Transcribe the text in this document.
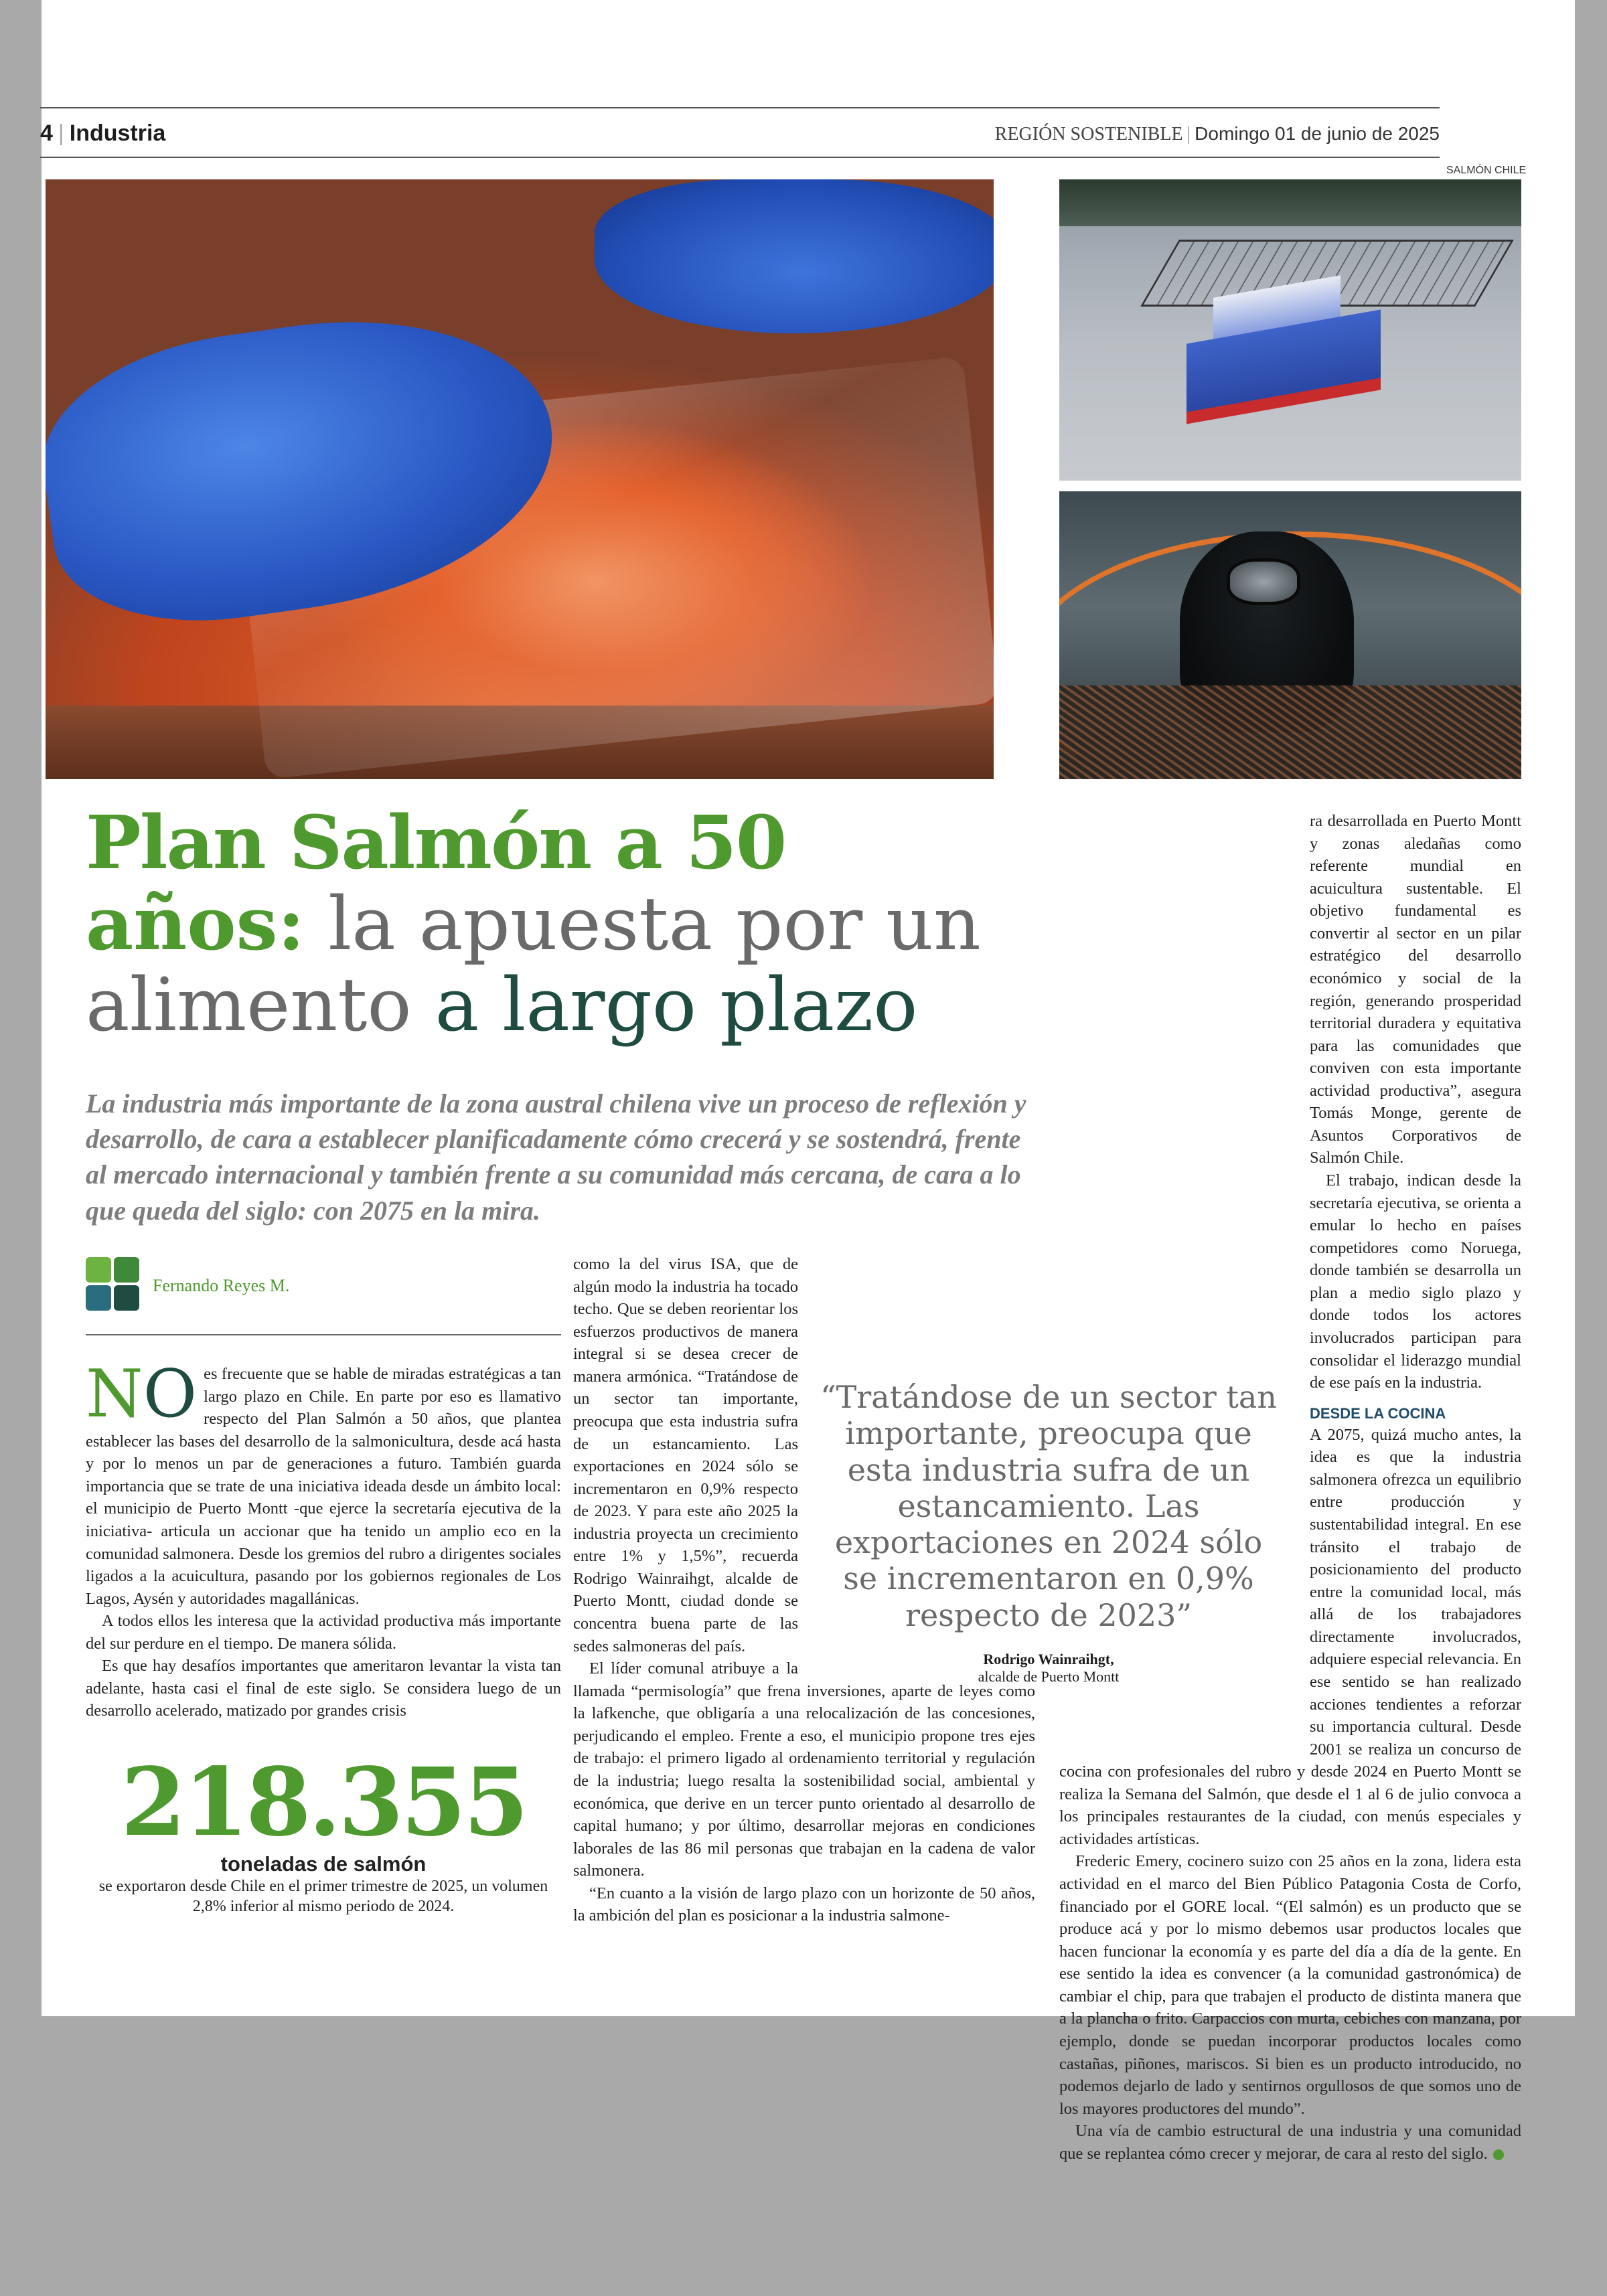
4 | Industria	REGIÓN SOSTENIBLE | Domingo 01 de junio de 2025
SALMÓN CHILE
Plan Salmón a 50
años: la apuesta por un
alimento a largo plazo
La industria más importante de la zona austral chilena vive un proceso de reflexión y desarrollo, de cara a establecer planificadamente cómo crecerá y se sostendrá, frente al mercado internacional y también frente a su comunidad más cercana, de cara a lo que queda del siglo: con 2075 en la mira.
Fernando Reyes M.
NO es frecuente que se hable de miradas estratégicas a tan largo plazo en Chile. En parte por eso es llamativo respecto del Plan Salmón a 50 años, que plantea establecer las bases del desarrollo de la salmonicultura, desde acá hasta y por lo menos un par de generaciones a futuro. También guarda importancia que se trate de una iniciativa ideada desde un ámbito local: el municipio de Puerto Montt -que ejerce la secretaría ejecutiva de la iniciativa- articula un accionar que ha tenido un amplio eco en la comunidad salmonera. Desde los gremios del rubro a dirigentes sociales ligados a la acuicultura, pasando por los gobiernos regionales de Los Lagos, Aysén y autoridades magallánicas.

A todos ellos les interesa que la actividad productiva más importante del sur perdure en el tiempo. De manera sólida.

Es que hay desafíos importantes que ameritaron levantar la vista tan adelante, hasta casi el final de este siglo. Se considera luego de un desarrollo acelerado, matizado por grandes crisis

218.355
toneladas de salmón
se exportaron desde Chile en el primer trimestre de 2025, un volumen 2,8% inferior al mismo periodo de 2024.

como la del virus ISA, que de algún modo la industria ha tocado techo. Que se deben reorientar los esfuerzos productivos de manera integral si se desea crecer de manera armónica. “Tratándose de un sector tan importante, preocupa que esta industria sufra de un estancamiento. Las exportaciones en 2024 sólo se incrementaron en 0,9% respecto de 2023. Y para este año 2025 la industria proyecta un crecimiento entre 1% y 1,5%”, recuerda Rodrigo Wainraihgt, alcalde de Puerto Montt, ciudad donde se concentra buena parte de las sedes salmoneras del país.

El líder comunal atribuye a la llamada “permisología” que frena inversiones, aparte de leyes como la lafkenche, que obligaría a una relocalización de las concesiones, perjudicando el empleo. Frente a eso, el municipio propone tres ejes de trabajo: el primero ligado al ordenamiento territorial y regulación de la industria; luego resalta la sostenibilidad social, ambiental y económica, que derive en un tercer punto orientado al desarrollo de capital humano; y por último, desarrollar mejoras en condiciones laborales de las 86 mil personas que trabajan en la cadena de valor salmonera.

“En cuanto a la visión de largo plazo con un horizonte de 50 años, la ambición del plan es posicionar a la industria salmone-

“Tratándose de un sector tan importante, preocupa que esta industria sufra de un estancamiento. Las exportaciones en 2024 sólo se incrementaron en 0,9% respecto de 2023”
Rodrigo Wainraihgt,
alcalde de Puerto Montt

ra desarrollada en Puerto Montt y zonas aledañas como referente mundial en acuicultura sustentable. El objetivo fundamental es convertir al sector en un pilar estratégico del desarrollo económico y social de la región, generando prosperidad territorial duradera y equitativa para las comunidades que conviven con esta importante actividad productiva”, asegura Tomás Monge, gerente de Asuntos Corporativos de Salmón Chile.

El trabajo, indican desde la secretaría ejecutiva, se orienta a emular lo hecho en países competidores como Noruega, donde también se desarrolla un plan a medio siglo plazo y donde todos los actores involucrados participan para consolidar el liderazgo mundial de ese país en la industria.

DESDE LA COCINA

A 2075, quizá mucho antes, la idea es que la industria salmonera ofrezca un equilibrio entre producción y sustentabilidad integral. En ese tránsito el trabajo de posicionamiento del producto entre la comunidad local, más allá de los trabajadores directamente involucrados, adquiere especial relevancia. En ese sentido se han realizado acciones tendientes a reforzar su importancia cultural. Desde 2001 se realiza un concurso de cocina con profesionales del rubro y desde 2024 en Puerto Montt se realiza la Semana del Salmón, que desde el 1 al 6 de julio convoca a los principales restaurantes de la ciudad, con menús especiales y actividades artísticas.

Frederic Emery, cocinero suizo con 25 años en la zona, lidera esta actividad en el marco del Bien Público Patagonia Costa de Corfo, financiado por el GORE local. “(El salmón) es un producto que se produce acá y por lo mismo debemos usar productos locales que hacen funcionar la economía y es parte del día a día de la gente. En ese sentido la idea es convencer (a la comunidad gastronómica) de cambiar el chip, para que trabajen el producto de distinta manera que a la plancha o frito. Carpaccios con murta, cebiches con manzana, por ejemplo, donde se puedan incorporar productos locales como castañas, piñones, mariscos. Si bien es un producto introducido, no podemos dejarlo de lado y sentirnos orgullosos de que somos uno de los mayores productores del mundo”.

Una vía de cambio estructural de una industria y una comunidad que se replantea cómo crecer y mejorar, de cara al resto del siglo.
